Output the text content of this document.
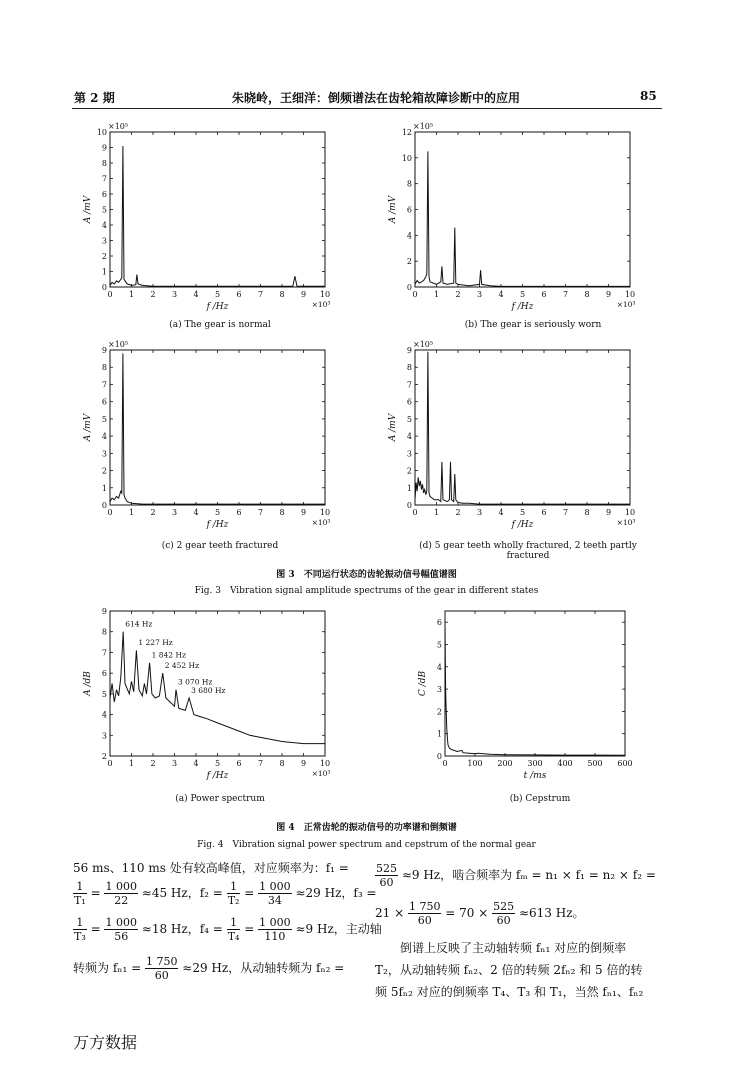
第 2 期	朱晓岭，王细洋：倒频谱法在齿轮箱故障诊断中的应用	85
0
1
2
3
4
5
6
7
8
9
10
0 1 2 3 4 5 6 7 8 9 10
A /mV
f /Hz	×10³
×10⁵
0
2
4
6
8
10
12
0 1 2 3 4 5 6 7 8 9 10
A /mV
f /Hz	×10³
×10⁵
(a) The gear is normal	(b) The gear is seriously worn
0
1
2
3
4
5
6
7
8
9
0 1 2 3 4 5 6 7 8 9 10
A /mV
f /Hz	×10³
×10⁵
0
1
2
3
4
5
6
7
8
9
0 1 2 3 4 5 6 7 8 9 10
A /mV
f /Hz	×10³
×10⁵
(c) 2 gear teeth fractured	(d) 5 gear teeth wholly fractured, 2 teeth partly fractured
图 3　不同运行状态的齿轮振动信号幅值谱图
Fig. 3　Vibration signal amplitude spectrums of the gear in different states
2
3
4
5
6
7
8
9
0 1 2 3 4 5 6 7 8 9 10
A /dB
f /Hz	×10³
614 Hz
1 227 Hz
1 842 Hz
2 452 Hz
3 070 Hz
3 680 Hz
0
1
2
3
4
5
6
0 100 200 300 400 500 600
C /dB
t /ms
(a) Power spectrum	(b) Cepstrum
图 4　正常齿轮的振动信号的功率谱和倒频谱
Fig. 4　Vibration signal power spectrum and cepstrum of the normal gear
56 ms、110 ms 处有较高峰值，对应频率为：f₁ =
$\frac{1}{\text{T₁}} = \frac{1 000}{22} \approx 45$ Hz，$f_2 = \frac{1}{\text{T₂}} = \frac{1 000}{34} \approx 29$ Hz，f₃ =
$\frac{1}{\text{T₃}} = \frac{1 000}{56} \approx 18$ Hz，$f_4 = \frac{1}{\text{T₄}} = \frac{1 000}{110} \approx 9$ Hz，主动轴
转频为 $f_{n1} = \frac{1 750}{60} \approx 29$ Hz，从动轴转频为 fₙ₂ =
$\frac{525}{60} \approx 9$ Hz，啮合频率为 fₘ = n₁ × f₁ = n₂ × f₂ =
$21 \times \frac{1 750}{60} = 70 \times \frac{525}{60} \approx 613$ Hz。
倒谱上反映了主动轴转频 fₙ₁ 对应的倒频率
T₂，从动轴转频 fₙ₂、2 倍的转频 2fₙ₂ 和 5 倍的转
频 5fₙ₂ 对应的倒频率 T₄、T₃ 和 T₁，当然 fₙ₁、fₙ₂
万方数据
